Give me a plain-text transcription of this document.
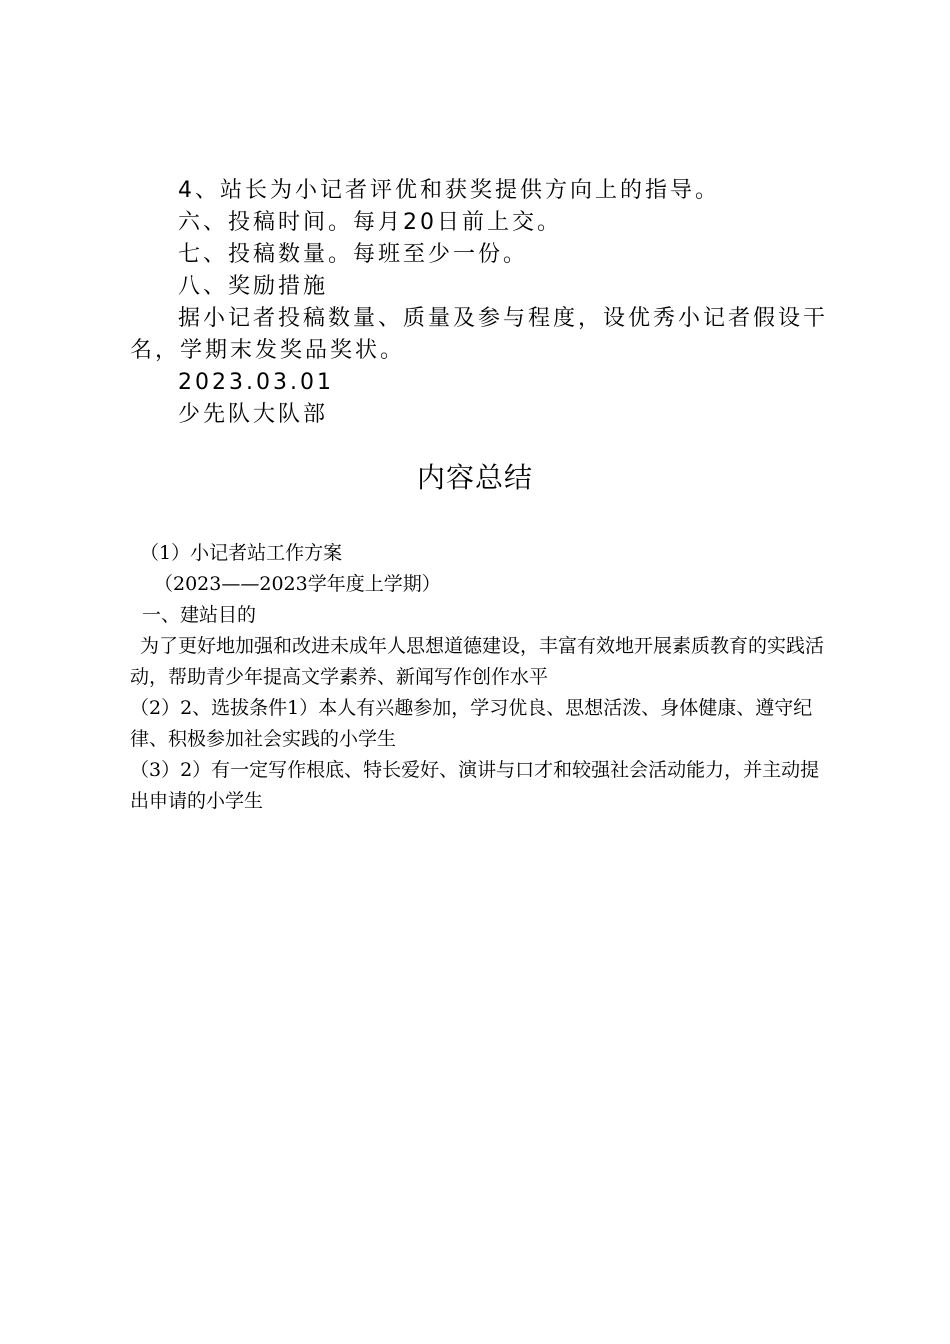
4、站长为小记者评优和获奖提供方向上的指导。

六、投稿时间。每月20日前上交。

七、投稿数量。每班至少一份。

八、奖励措施

据小记者投稿数量、质量及参与程度，设优秀小记者假设干名，学期末发奖品奖状。

2023.03.01

少先队大队部

内容总结

（1）小记者站工作方案

（2023——2023学年度上学期）

一、建站目的

为了更好地加强和改进未成年人思想道德建设，丰富有效地开展素质教育的实践活动，帮助青少年提高文学素养、新闻写作创作水平

（2）2、选拔条件1）本人有兴趣参加，学习优良、思想活泼、身体健康、遵守纪律、积极参加社会实践的小学生

（3）2）有一定写作根底、特长爱好、演讲与口才和较强社会活动能力，并主动提出申请的小学生
